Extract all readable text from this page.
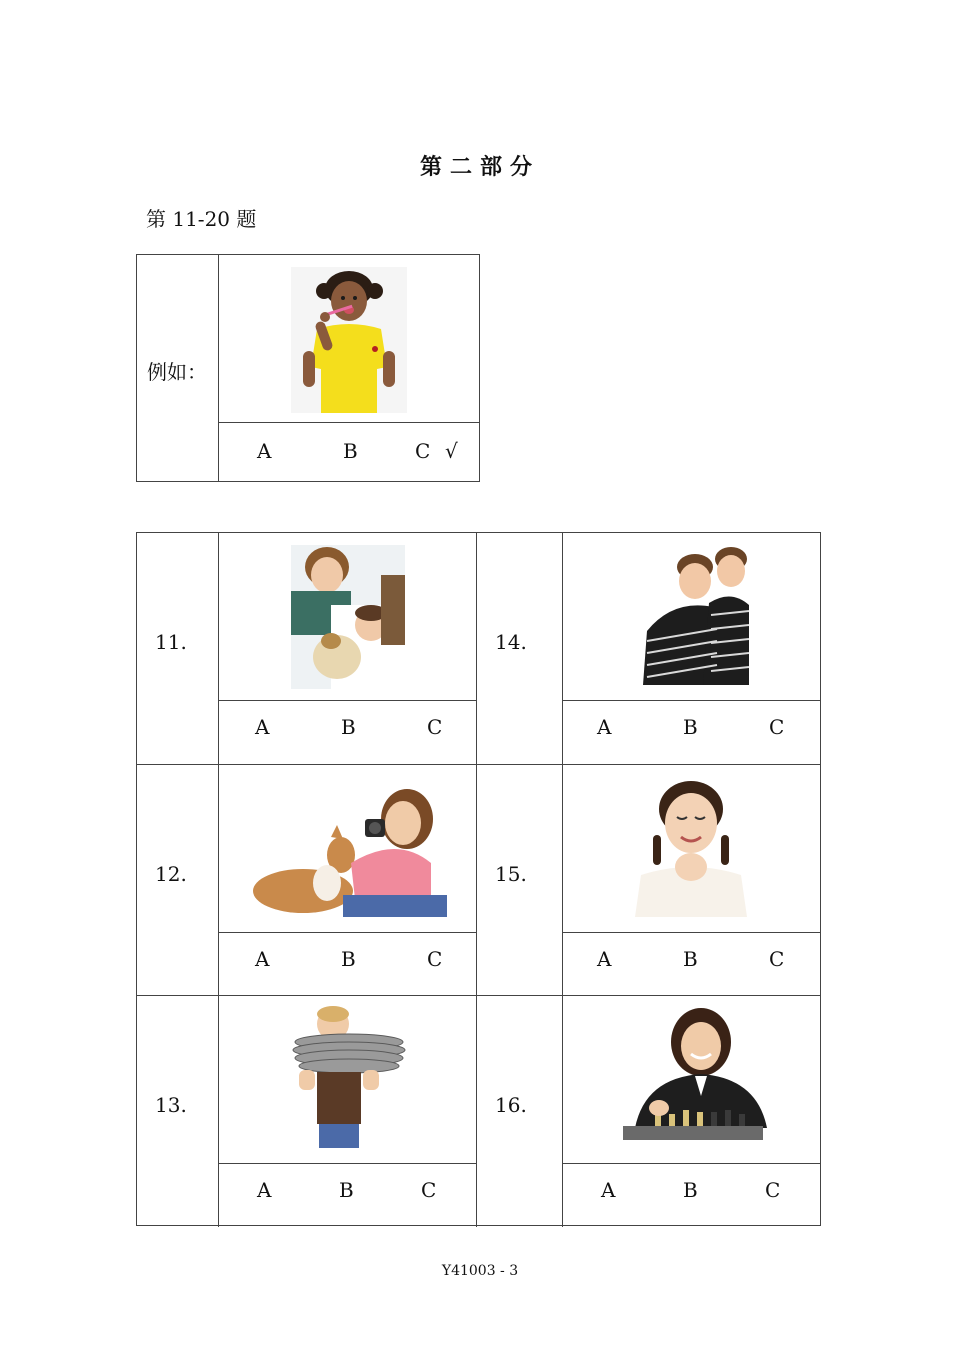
第二部分
第 11-20 题
例如：
A	B	C √
11.
A	B	C
14.
A	B	C
12.
A	B	C
15.
A	B	C
13.
A	B	C
16.
A	B	C
Y41003 - 3
